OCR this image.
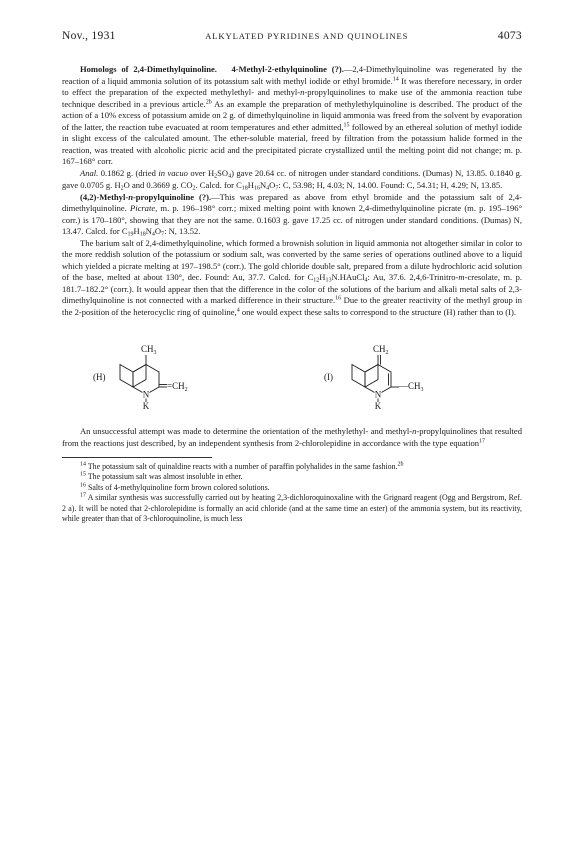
Nov., 1931	ALKYLATED PYRIDINES AND QUINOLINES	4073

Homologs of 2,4-Dimethylquinoline. 4-Methyl-2-ethylquinoline (?).—2,4-Dimethylquinoline was regenerated by the reaction of a liquid ammonia solution of its potassium salt with methyl iodide or ethyl bromide.$^{14}$ It was therefore necessary, in order to effect the preparation of the expected methylethyl- and methyl-n-propylquinolines to make use of the ammonia reaction tube technique described in a previous article.$^{2b}$ As an example the preparation of methylethylquinoline is described. The product of the action of a 10% excess of potassium amide on 2 g. of dimethylquinoline in liquid ammonia was freed from the solvent by evaporation of the latter, the reaction tube evacuated at room temperatures and ether admitted,$^{15}$ followed by an ethereal solution of methyl iodide in slight excess of the calculated amount. The ether-soluble material, freed by filtration from the potassium halide formed in the reaction, was treated with alcoholic picric acid and the precipitated picrate crystallized until the melting point did not change; m. p. 167–168° corr.

Anal. 0.1862 g. (dried in vacuo over $H_2SO_4$) gave 20.64 cc. of nitrogen under standard conditions. (Dumas) N, 13.85. 0.1840 g. gave 0.0705 g. $H_2O$ and 0.3669 g. $CO_2$. Calcd. for $C_{18}H_{16}N_4O_7$: C, 53.98; H, 4.03; N, 14.00. Found: C, 54.31; H, 4.29; N, 13.85.

(4,2)-Methyl-n-propylquinoline (?).—This was prepared as above from ethyl bromide and the potassium salt of 2,4-dimethylquinoline. Picrate, m. p. 196–198° corr.; mixed melting point with known 2,4-dimethylquinoline picrate (m. p. 195–196° corr.) is 170–180°, showing that they are not the same. 0.1603 g. gave 17.25 cc. of nitrogen under standard conditions. (Dumas) N, 13.47. Calcd. for $C_{19}H_{18}N_4O_7$: N, 13.52.

The barium salt of 2,4-dimethylquinoline, which formed a brownish solution in liquid ammonia not altogether similar in color to the more reddish solution of the potassium or sodium salt, was converted by the same series of operations outlined above to a liquid which yielded a picrate melting at 197–198.5° (corr.). The gold chloride double salt, prepared from a dilute hydrochloric acid solution of the base, melted at about 130°, dec. Found: Au, 37.7. Calcd. for $C_{12}H_{13}N.HAuCl_4$: Au, 37.6. 2,4,6-Trinitro-m-cresolate, m. p. 181.7–182.2° (corr.). It would appear then that the difference in the color of the solutions of the barium and alkali metal salts of 2,3-dimethylquinoline is not connected with a marked difference in their structure.$^{16}$ Due to the greater reactivity of the methyl group in the 2-position of the heterocyclic ring of quinoline,$^4$ one would expect these salts to correspond to the structure (H) rather than to (I).

N
K
$CH_3$
$=CH_2$
(H)
N
K
$CH_2$
$—CH_3$
(I)

An unsuccessful attempt was made to determine the orientation of the methylethyl- and methyl-n-propylquinolines that resulted from the reactions just described, by an independent synthesis from 2-chlorolepidine in accordance with the type equation$^{17}$

$^{14}$ The potassium salt of quinaldine reacts with a number of paraffin polyhalides in the same fashion.$^{2b}$

$^{15}$ The potassium salt was almost insoluble in ether.

$^{16}$ Salts of 4-methylquinoline form brown colored solutions.

$^{17}$ A similar synthesis was successfully carried out by heating 2,3-dichloroquinoxaline with the Grignard reagent (Ogg and Bergstrom, Ref. 2 a). It will be noted that 2-chlorolepidine is formally an acid chloride (and at the same time an ester) of the ammonia system, but its reactivity, while greater than that of 3-chloroquinoline, is much less
